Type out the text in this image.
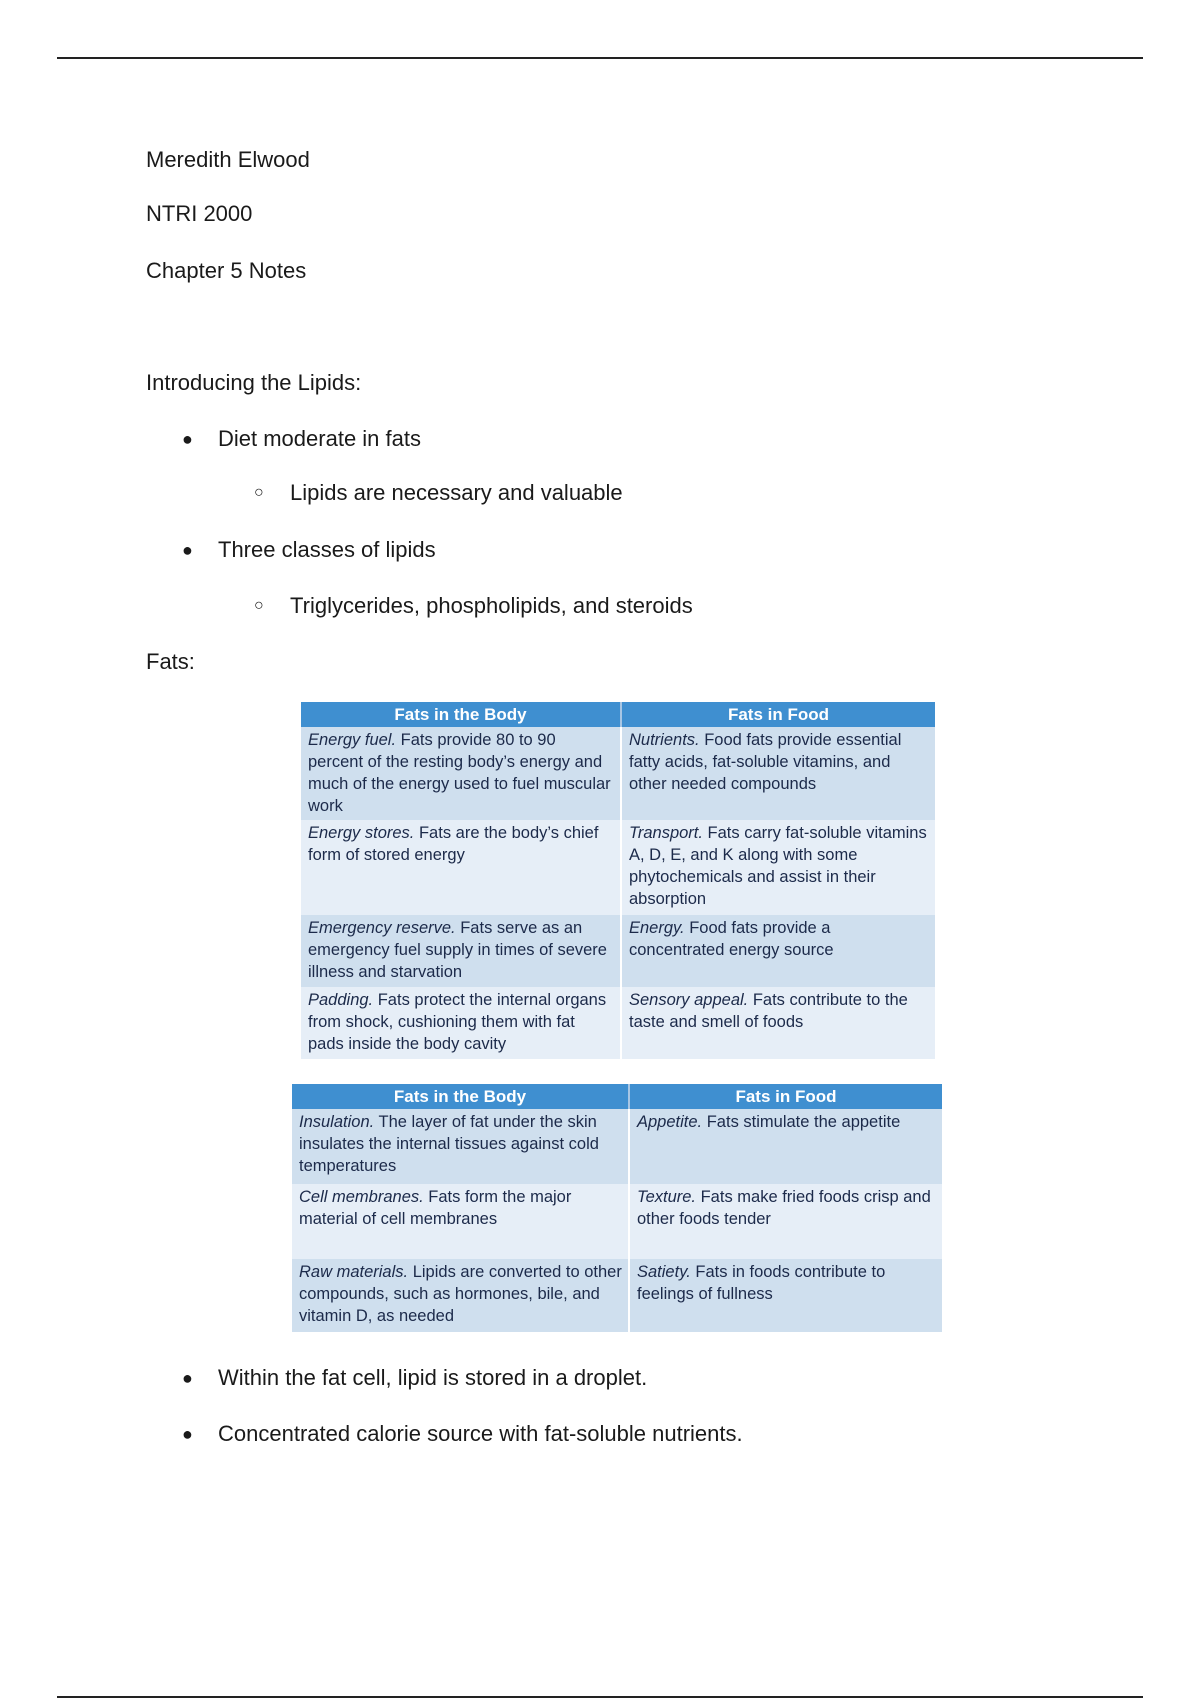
Meredith Elwood
NTRI 2000
Chapter 5 Notes
Introducing the Lipids:
● Diet moderate in fats
○ Lipids are necessary and valuable
● Three classes of lipids
○ Triglycerides, phospholipids, and steroids
Fats:
Fats in the Body	Fats in Food
Energy fuel. Fats provide 80 to 90 percent of the resting body’s energy and much of the energy used to fuel muscular work	Nutrients. Food fats provide essential fatty acids, fat-soluble vitamins, and other needed compounds
Energy stores. Fats are the body’s chief form of stored energy	Transport. Fats carry fat-soluble vitamins A, D, E, and K along with some phytochemicals and assist in their absorption
Emergency reserve. Fats serve as an emergency fuel supply in times of severe illness and starvation	Energy. Food fats provide a concentrated energy source
Padding. Fats protect the internal organs from shock, cushioning them with fat pads inside the body cavity	Sensory appeal. Fats contribute to the taste and smell of foods
Fats in the Body	Fats in Food
Insulation. The layer of fat under the skin insulates the internal tissues against cold temperatures	Appetite. Fats stimulate the appetite
Cell membranes. Fats form the major material of cell membranes	Texture. Fats make fried foods crisp and other foods tender
Raw materials. Lipids are converted to other compounds, such as hormones, bile, and vitamin D, as needed	Satiety. Fats in foods contribute to feelings of fullness
● Within the fat cell, lipid is stored in a droplet.
● Concentrated calorie source with fat-soluble nutrients.
